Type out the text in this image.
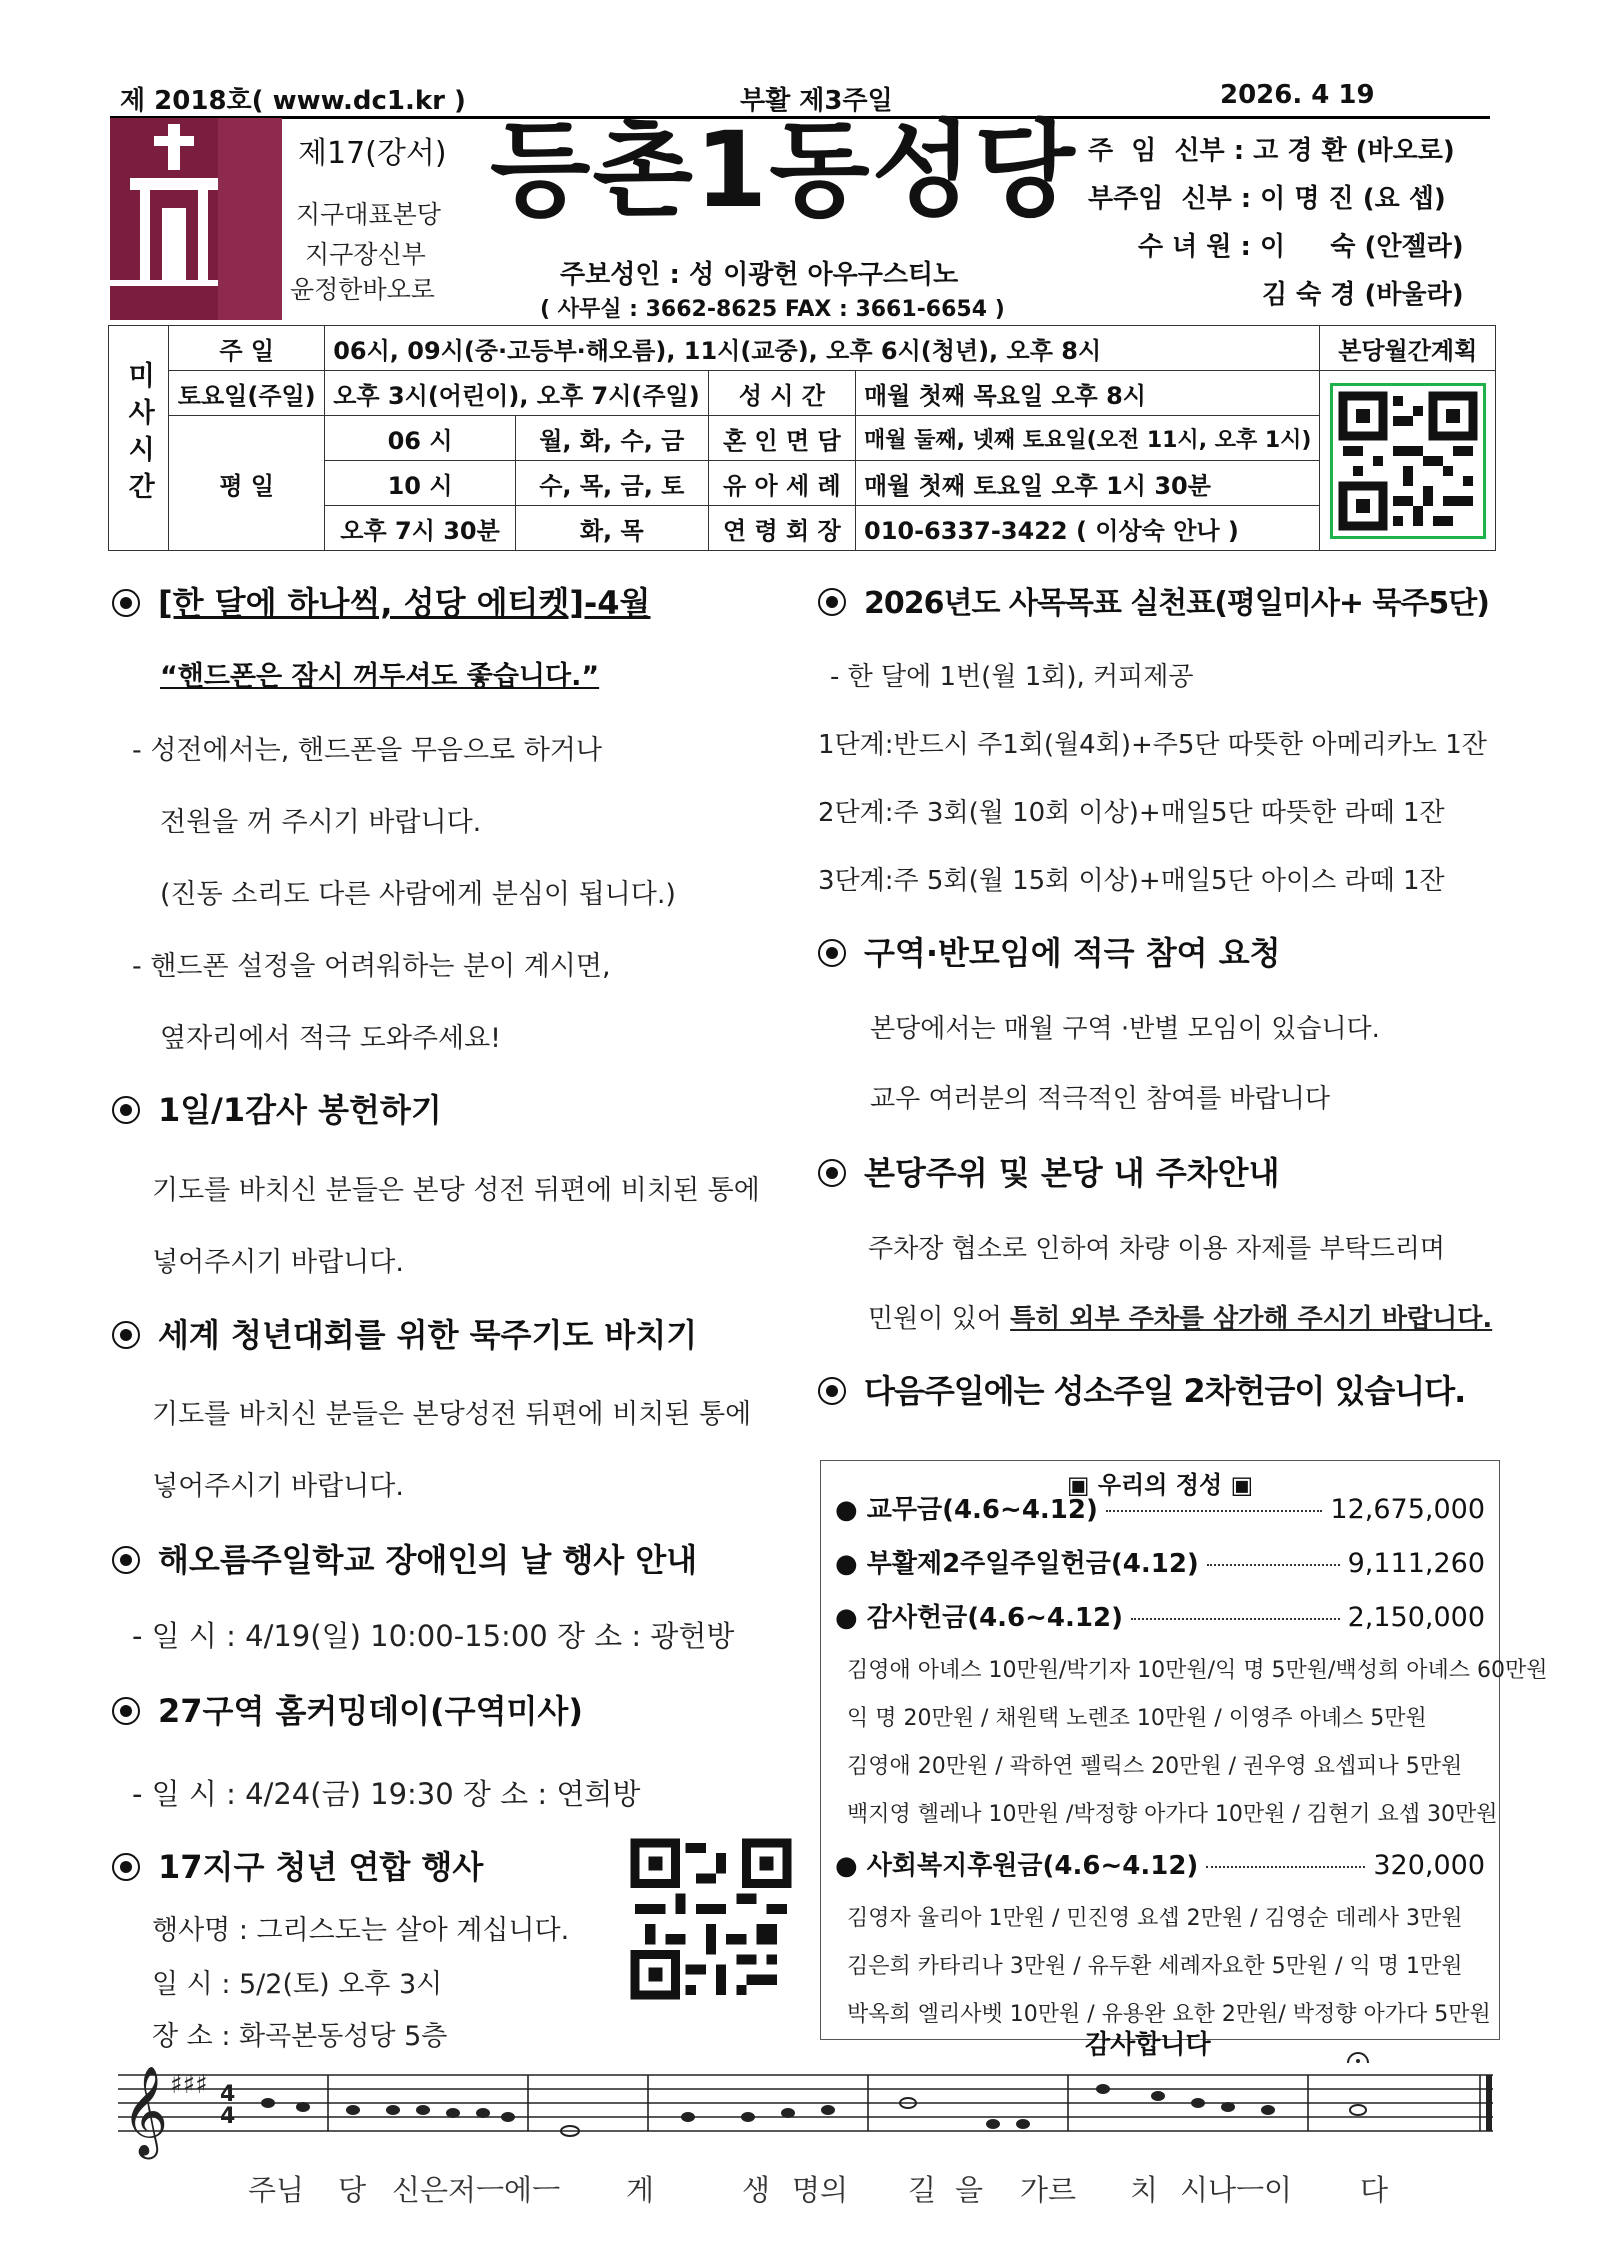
제 2018호( www.dc1.kr )	부활 제3주일	2026. 4 19
제17(강서)
지구대표본당
지구장신부
윤정한바오로
등촌1동성당
주보성인 : 성 이광헌 아우구스티노
( 사무실 : 3662-8625 FAX : 3661-6654 )
주  임  신부 : 고 경 환 (바오로)
부주임  신부 : 이 명 진 (요 셉)
수 녀 원 : 이     숙 (안젤라)
김 숙 경 (바울라)
미사시간	주 일	06시, 09시(중·고등부·해오름), 11시(교중), 오후 6시(청년), 오후 8시				본당월간계획
	토요일(주일)	오후 3시(어린이), 오후 7시(주일)		성 시 간	매월 첫째 목요일 오후 8시	

	평 일	06 시	월, 화, 수, 금	혼 인 면 담	매월 둘째, 넷째 토요일(오전 11시, 오후 1시)	
		10 시	수, 목, 금, 토	유 아 세 례	매월 첫째 토요일 오후 1시 30분	
		오후 7시 30분	화, 목	연 령 회 장	010-6337-3422 ( 이상숙 안나 )	
[한 달에 하나씩, 성당 에티켓]-4월
“핸드폰은 잠시 꺼두셔도 좋습니다.”
- 성전에서는, 핸드폰을 무음으로 하거나
전원을 꺼 주시기 바랍니다.
(진동 소리도 다른 사람에게 분심이 됩니다.)
- 핸드폰 설정을 어려워하는 분이 계시면,
옆자리에서 적극 도와주세요!
1일/1감사 봉헌하기
기도를 바치신 분들은 본당 성전 뒤편에 비치된 통에
넣어주시기 바랍니다.
세계 청년대회를 위한 묵주기도 바치기
기도를 바치신 분들은 본당성전 뒤편에 비치된 통에
넣어주시기 바랍니다.
해오름주일학교 장애인의 날 행사 안내
- 일 시 : 4/19(일) 10:00-15:00 장 소 : 광헌방
27구역 홈커밍데이(구역미사)
- 일 시 : 4/24(금) 19:30 장 소 : 연희방
17지구 청년 연합 행사
행사명 : 그리스도는 살아 계십니다.
일 시 : 5/2(토) 오후 3시
장 소 : 화곡본동성당 5층
2026년도 사목목표 실천표(평일미사+ 묵주5단)
- 한 달에 1번(월 1회), 커피제공
1단계:반드시 주1회(월4회)+주5단 따뜻한 아메리카노 1잔
2단계:주 3회(월 10회 이상)+매일5단 따뜻한 라떼 1잔
3단계:주 5회(월 15회 이상)+매일5단 아이스 라떼 1잔
구역·반모임에 적극 참여 요청
본당에서는 매월 구역 ·반별 모임이 있습니다.
교우 여러분의 적극적인 참여를 바랍니다
본당주위 및 본당 내 주차안내
주차장 협소로 인하여 차량 이용 자제를 부탁드리며
민원이 있어 특히 외부 주차를 삼가해 주시기 바랍니다.
다음주일에는 성소주일 2차헌금이 있습니다.
▣ 우리의 정성 ▣
● 교무금(4.6~4.12)	12,675,000
● 부활제2주일주일헌금(4.12)	9,111,260
● 감사헌금(4.6~4.12)	2,150,000
김영애 아녜스 10만원/박기자 10만원/익 명 5만원/백성희 아녜스 60만원
익 명 20만원 / 채원택 노렌조 10만원 / 이영주 아녜스 5만원
김영애 20만원 / 곽하연 펠릭스 20만원 / 권우영 요셉피나 5만원
백지영 헬레나 10만원 /박정향 아가다 10만원 / 김현기 요셉 30만원
● 사회복지후원금(4.6~4.12)	320,000
김영자 율리아 1만원 / 민진영 요셉 2만원 / 김영순 데레사 3만원
김은희 카타리나 3만원 / 유두환 세례자요한 5만원 / 익 명 1만원
박옥희 엘리사벳 10만원 / 유용완 요한 2만원/ 박정향 아가다 5만원
감사합니다
𝄞 ♯♯♯ 4
4
주님 당 신은저ㅡ에ㅡ 게	생 명의 길 을 가르 치 시나ㅡ이 다
